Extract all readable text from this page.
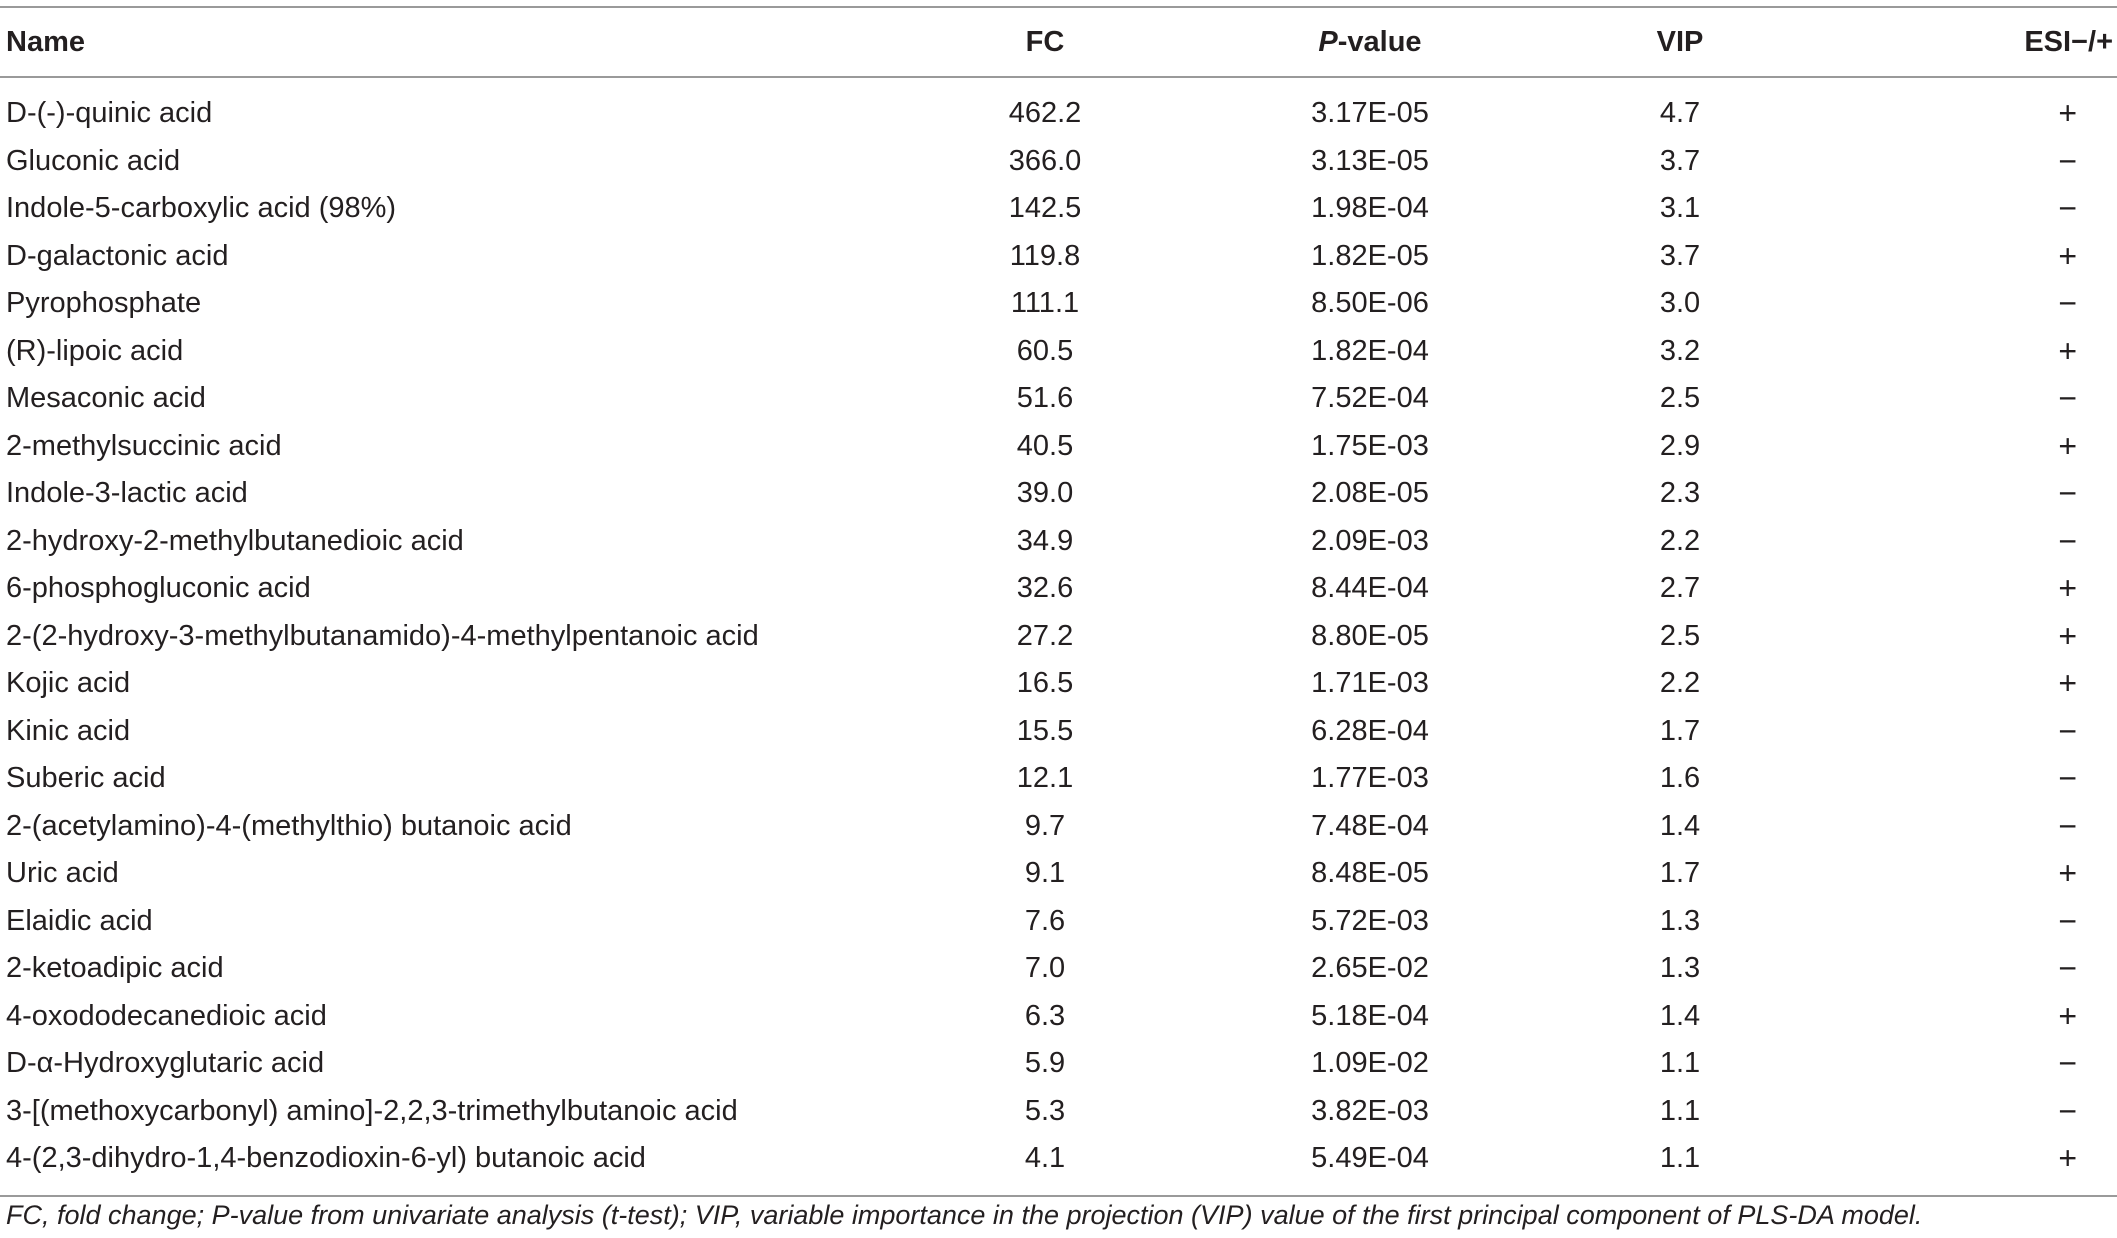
Name	FC	P-value	VIP	ESI−/+
D-(-)-quinic acid	462.2	3.17E-05	4.7	+
Gluconic acid	366.0	3.13E-05	3.7	−
Indole-5-carboxylic acid (98%)	142.5	1.98E-04	3.1	−
D-galactonic acid	119.8	1.82E-05	3.7	+
Pyrophosphate	111.1	8.50E-06	3.0	−
(R)-lipoic acid	60.5	1.82E-04	3.2	+
Mesaconic acid	51.6	7.52E-04	2.5	−
2-methylsuccinic acid	40.5	1.75E-03	2.9	+
Indole-3-lactic acid	39.0	2.08E-05	2.3	−
2-hydroxy-2-methylbutanedioic acid	34.9	2.09E-03	2.2	−
6-phosphogluconic acid	32.6	8.44E-04	2.7	+
2-(2-hydroxy-3-methylbutanamido)-4-methylpentanoic acid	27.2	8.80E-05	2.5	+
Kojic acid	16.5	1.71E-03	2.2	+
Kinic acid	15.5	6.28E-04	1.7	−
Suberic acid	12.1	1.77E-03	1.6	−
2-(acetylamino)-4-(methylthio) butanoic acid	9.7	7.48E-04	1.4	−
Uric acid	9.1	8.48E-05	1.7	+
Elaidic acid	7.6	5.72E-03	1.3	−
2-ketoadipic acid	7.0	2.65E-02	1.3	−
4-oxododecanedioic acid	6.3	5.18E-04	1.4	+
D-α-Hydroxyglutaric acid	5.9	1.09E-02	1.1	−
3-[(methoxycarbonyl) amino]-2,2,3-trimethylbutanoic acid	5.3	3.82E-03	1.1	−
4-(2,3-dihydro-1,4-benzodioxin-6-yl) butanoic acid	4.1	5.49E-04	1.1	+
FC, fold change; P-value from univariate analysis (t-test); VIP, variable importance in the projection (VIP) value of the first principal component of PLS-DA model.
